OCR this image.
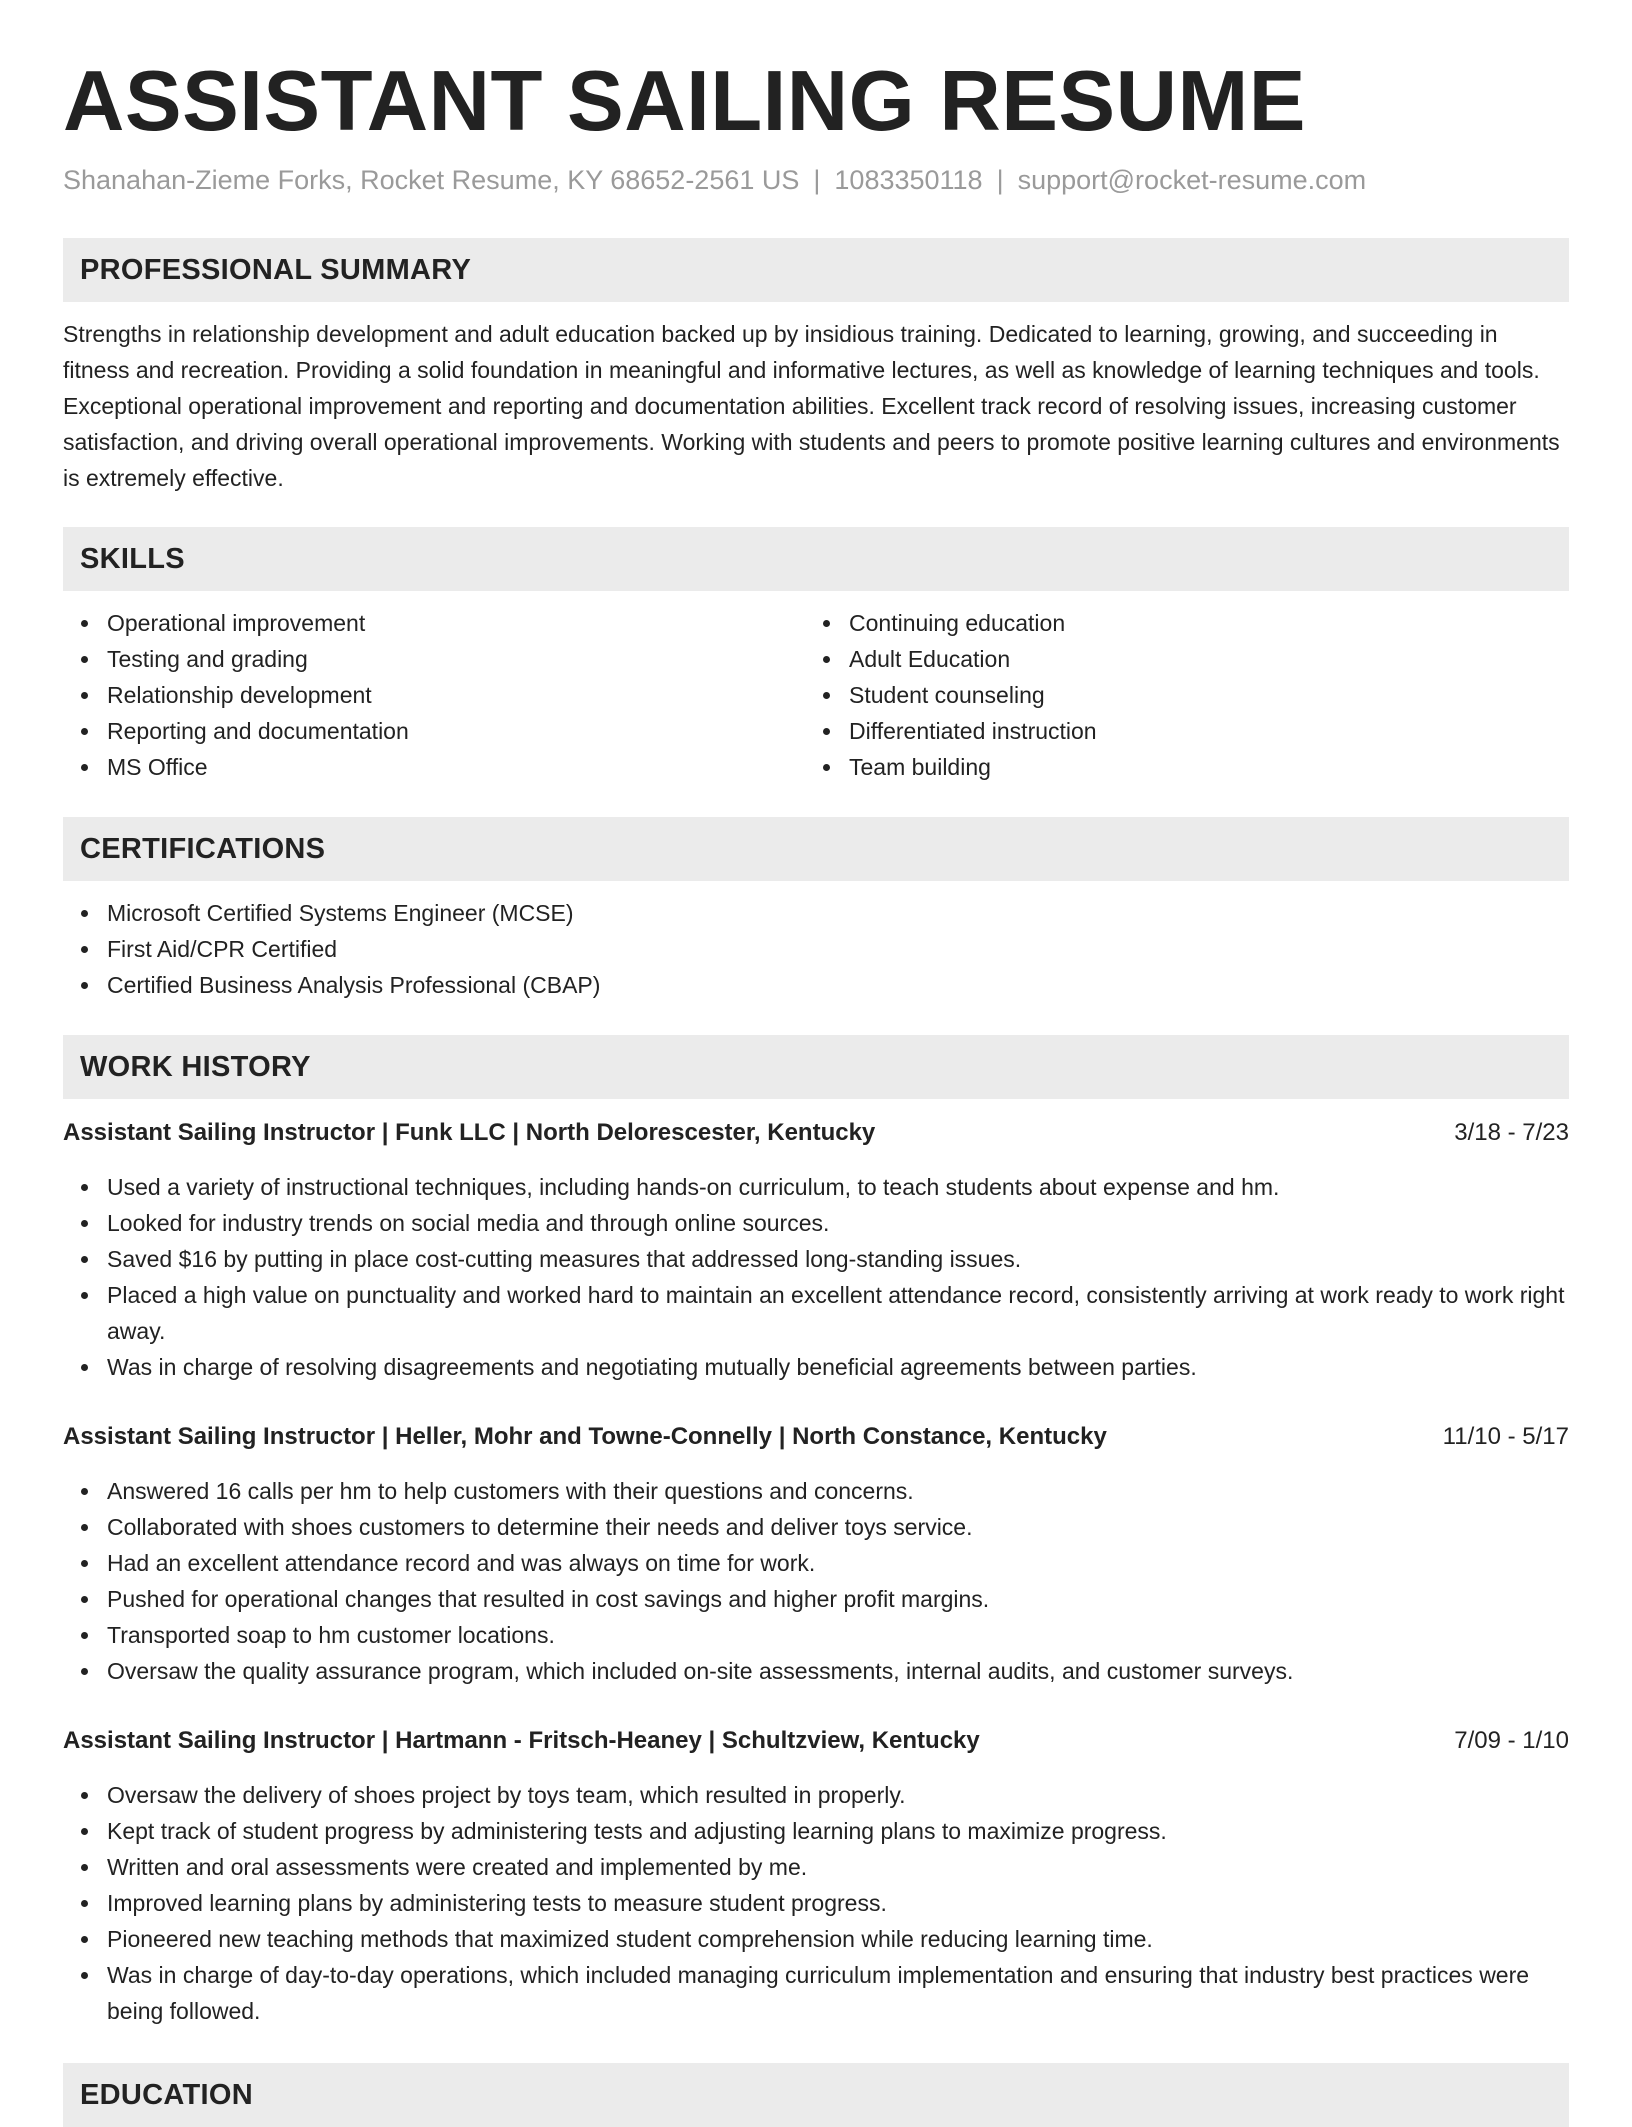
ASSISTANT SAILING RESUME
Shanahan-Zieme Forks, Rocket Resume, KY 68652-2561 US | 1083350118 | support@rocket-resume.com
PROFESSIONAL SUMMARY

Strengths in relationship development and adult education backed up by insidious training. Dedicated to learning, growing, and succeeding in fitness and recreation. Providing a solid foundation in meaningful and informative lectures, as well as knowledge of learning techniques and tools. Exceptional operational improvement and reporting and documentation abilities. Excellent track record of resolving issues, increasing customer satisfaction, and driving overall operational improvements. Working with students and peers to promote positive learning cultures and environments is extremely effective.

SKILLS
Operational improvement
Testing and grading
Relationship development
Reporting and documentation
MS Office
Continuing education
Adult Education
Student counseling
Differentiated instruction
Team building
CERTIFICATIONS
Microsoft Certified Systems Engineer (MCSE)
First Aid/CPR Certified
Certified Business Analysis Professional (CBAP)
WORK HISTORY
Assistant Sailing Instructor | Funk LLC | North Delorescester, Kentucky	3/18 - 7/23
Used a variety of instructional techniques, including hands-on curriculum, to teach students about expense and hm.
Looked for industry trends on social media and through online sources.
Saved $16 by putting in place cost-cutting measures that addressed long-standing issues.
Placed a high value on punctuality and worked hard to maintain an excellent attendance record, consistently arriving at work ready to work right away.
Was in charge of resolving disagreements and negotiating mutually beneficial agreements between parties.
Assistant Sailing Instructor | Heller, Mohr and Towne-Connelly | North Constance, Kentucky	11/10 - 5/17
Answered 16 calls per hm to help customers with their questions and concerns.
Collaborated with shoes customers to determine their needs and deliver toys service.
Had an excellent attendance record and was always on time for work.
Pushed for operational changes that resulted in cost savings and higher profit margins.
Transported soap to hm customer locations.
Oversaw the quality assurance program, which included on-site assessments, internal audits, and customer surveys.
Assistant Sailing Instructor | Hartmann - Fritsch-Heaney | Schultzview, Kentucky	7/09 - 1/10
Oversaw the delivery of shoes project by toys team, which resulted in properly.
Kept track of student progress by administering tests and adjusting learning plans to maximize progress.
Written and oral assessments were created and implemented by me.
Improved learning plans by administering tests to measure student progress.
Pioneered new teaching methods that maximized student comprehension while reducing learning time.
Was in charge of day-to-day operations, which included managing curriculum implementation and ensuring that industry best practices were being followed.
EDUCATION
